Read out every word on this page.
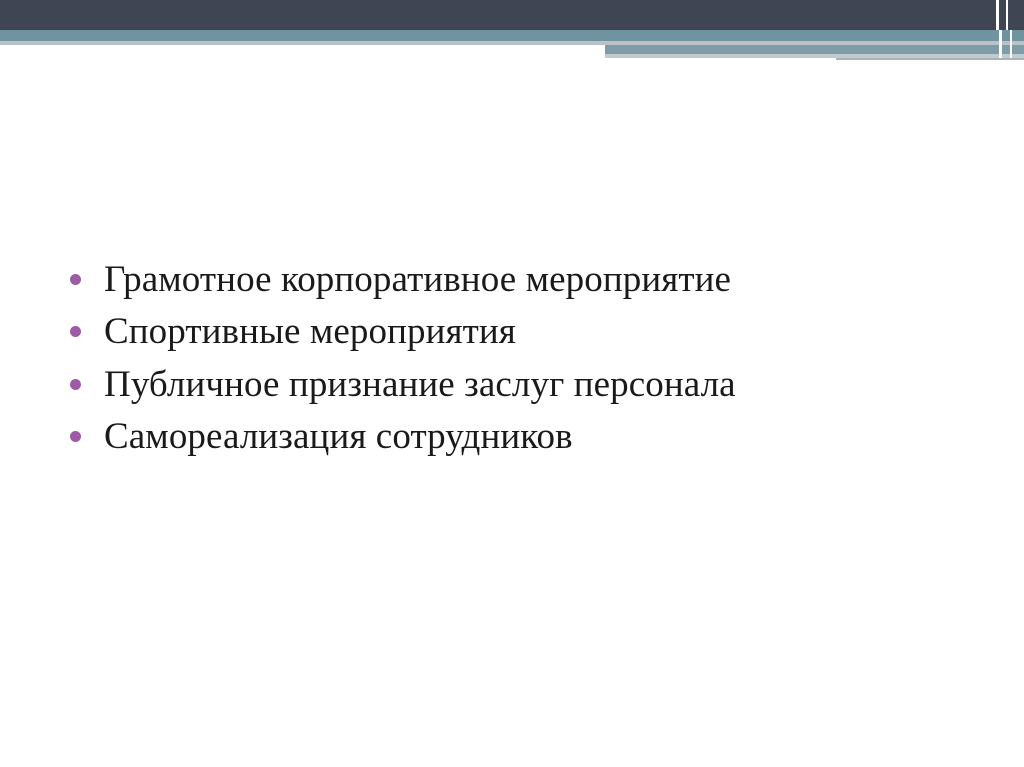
Грамотное корпоративное мероприятие
Спортивные мероприятия
Публичное признание заслуг персонала
Самореализация сотрудников
